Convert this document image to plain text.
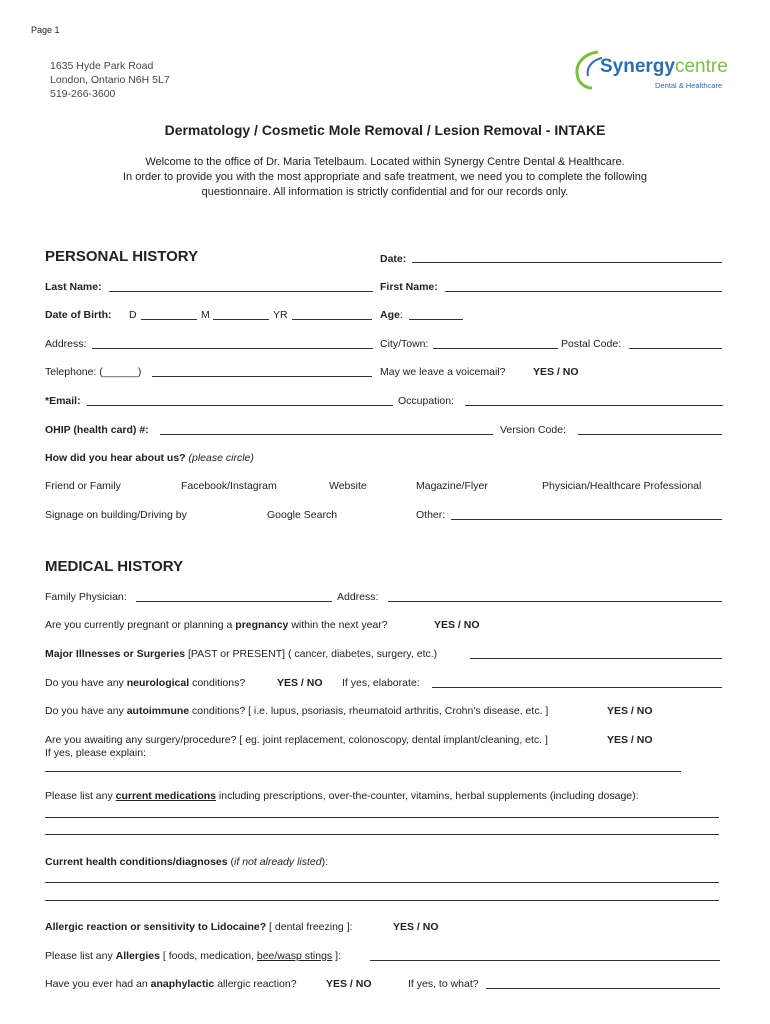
Page 1
1635 Hyde Park Road
London, Ontario N6H 5L7
519-266-3600
Synergycentre
Dental & Healthcare
Dermatology / Cosmetic Mole Removal / Lesion Removal - INTAKE
Welcome to the office of Dr. Maria Tetelbaum. Located within Synergy Centre Dental & Healthcare.
In order to provide you with the most appropriate and safe treatment, we need you to complete the following
questionnaire. All information is strictly confidential and for our records only.
PERSONAL HISTORY	Date:
Last Name:	First Name:
Date of Birth: D	M	YR	Age:
Address:	City/Town:	Postal Code:
Telephone: (______)	May we leave a voicemail?	YES / NO
*Email:	Occupation:
OHIP (health card) #:	Version Code:
How did you hear about us? (please circle)
Friend or Family	Facebook/Instagram	Website	Magazine/Flyer	Physician/Healthcare Professional
Signage on building/Driving by	Google Search	Other:
MEDICAL HISTORY
Family Physician:	Address:
Are you currently pregnant or planning a pregnancy within the next year?	YES / NO
Major Illnesses or Surgeries [PAST or PRESENT] ( cancer, diabetes, surgery, etc.)
Do you have any neurological conditions?	YES / NO If yes, elaborate:
Do you have any autoimmune conditions? [ i.e. lupus, psoriasis, rheumatoid arthritis, Crohn's disease, etc. ]	YES / NO
Are you awaiting any surgery/procedure? [ eg. joint replacement, colonoscopy, dental implant/cleaning, etc. ]	YES / NO
If yes, please explain:
Please list any current medications including prescriptions, over-the-counter, vitamins, herbal supplements (including dosage):
Current health conditions/diagnoses (if not already listed):
Allergic reaction or sensitivity to Lidocaine? [ dental freezing ]:	YES / NO
Please list any Allergies [ foods, medication, bee/wasp stings ]:
Have you ever had an anaphylactic allergic reaction?	YES / NO	If yes, to what?
